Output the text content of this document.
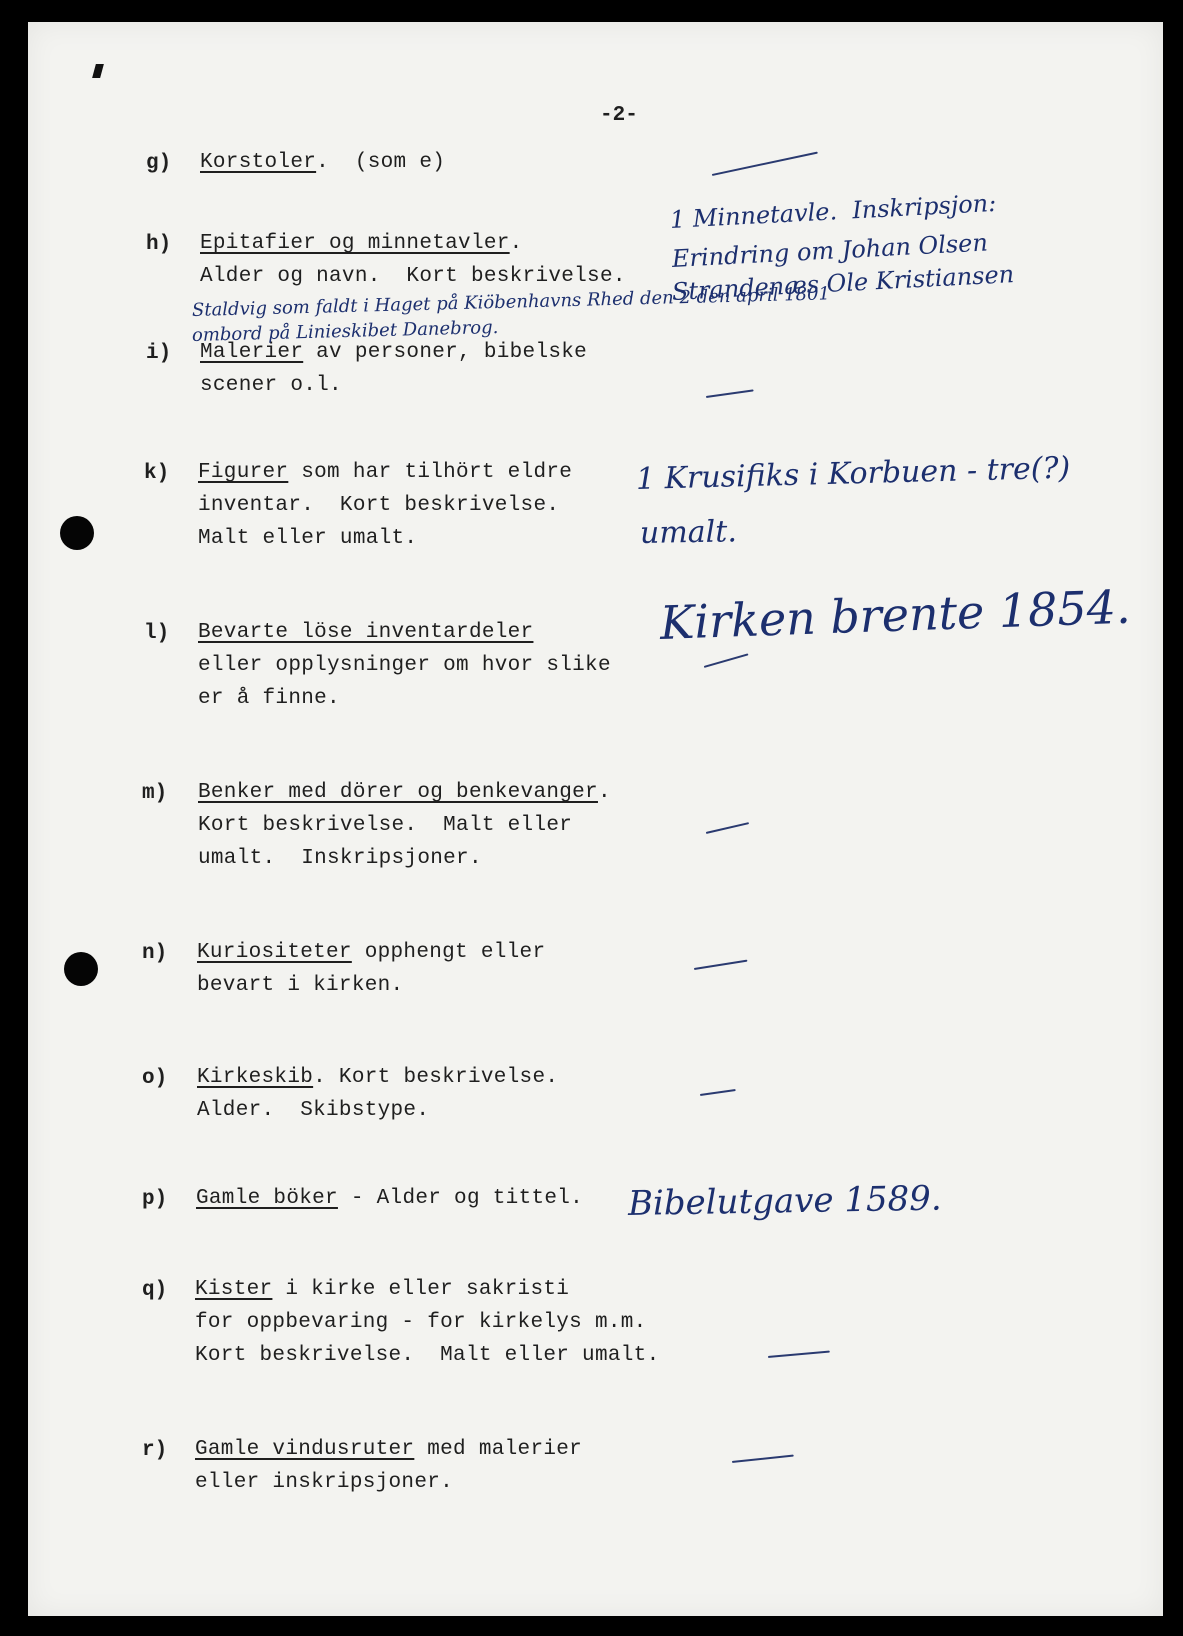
-2-
g) Korstoler.  (som e)
h) Epitafier og minnetavler.
Alder og navn.  Kort beskrivelse.
i) Malerier av personer, bibelske
scener o.l.
k) Figurer som har tilhört eldre
inventar.  Kort beskrivelse.
Malt eller umalt.
l) Bevarte löse inventardeler
eller opplysninger om hvor slike
er å finne.
m) Benker med dörer og benkevanger.
Kort beskrivelse.  Malt eller
umalt.  Inskripsjoner.
n) Kuriositeter opphengt eller
bevart i kirken.
o) Kirkeskib. Kort beskrivelse.
Alder.  Skibstype.
p) Gamle böker - Alder og tittel.
q) Kister i kirke eller sakristi
for oppbevaring - for kirkelys m.m.
Kort beskrivelse.  Malt eller umalt.
r) Gamle vindusruter med malerier
eller inskripsjoner.
1 Minnetavle.  Inskripsjon:
Erindring om Johan Olsen
Strandenæs Ole Kristiansen
Staldvig som faldt i Haget på Kiöbenhavns Rhed den 2 den april 1801
ombord på Linieskibet Danebrog.
1 Krusifiks i Korbuen - tre(?)
umalt.
Kirken brente 1854.
Bibelutgave 1589.
